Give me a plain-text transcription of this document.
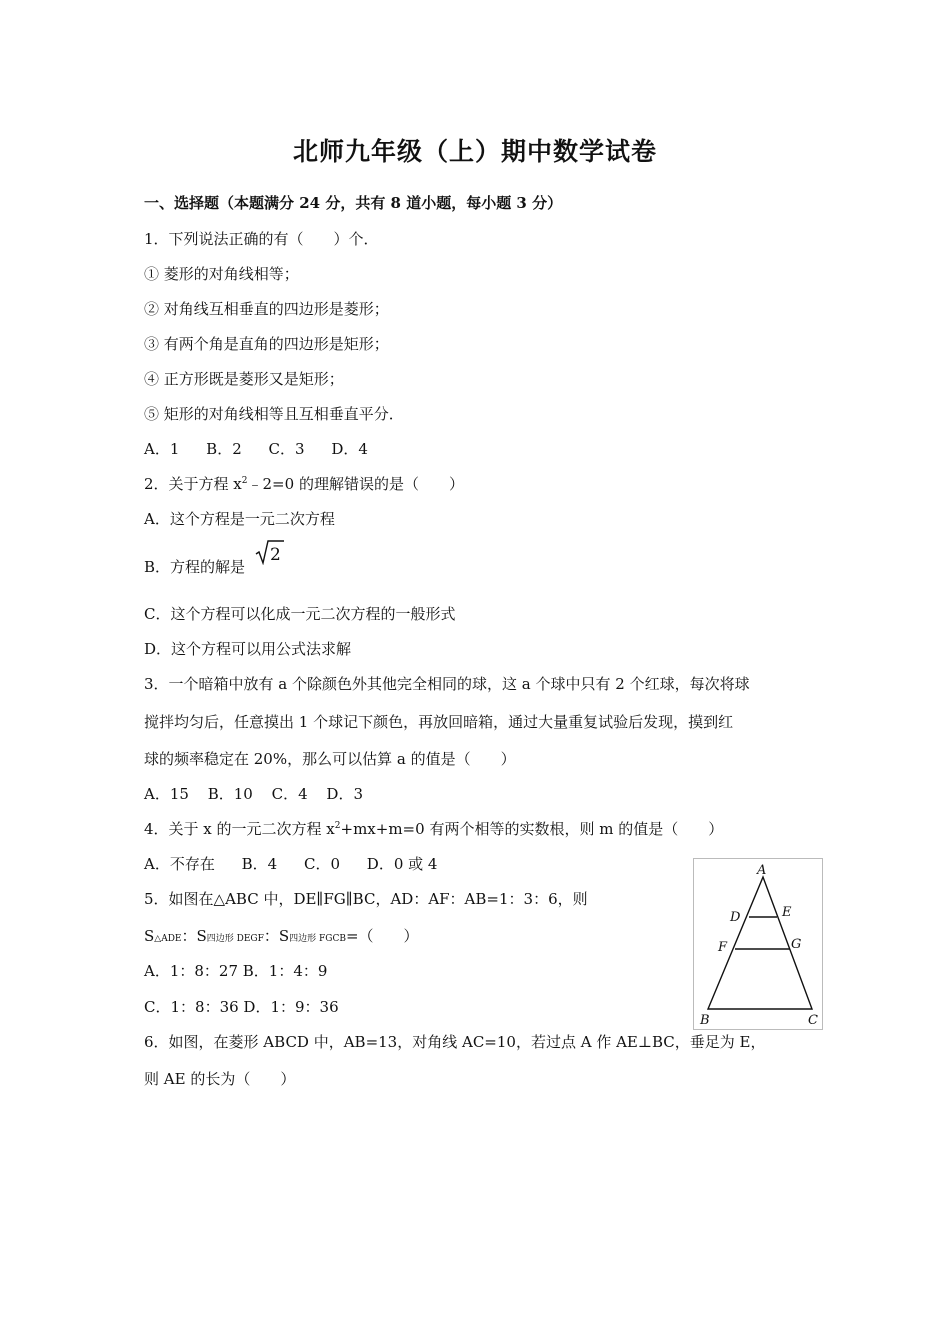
北师九年级（上）期中数学试卷
一、选择题（本题满分 24 分，共有 8 道小题，每小题 3 分）
1．下列说法正确的有（　　）个．
① 菱形的对角线相等；
② 对角线互相垂直的四边形是菱形；
③ 有两个角是直角的四边形是矩形；
④ 正方形既是菱形又是矩形；
⑤ 矩形的对角线相等且互相垂直平分．
A．1 B．2 C．3 D．4
2．关于方程 $x^2﹣2=0$ 的理解错误的是（　　）
A．这个方程是一元二次方程
B．方程的解是
2
C．这个方程可以化成一元二次方程的一般形式
D．这个方程可以用公式法求解
3．一个暗箱中放有 a 个除颜色外其他完全相同的球，这 a 个球中只有 2 个红球，每次将球
搅拌均匀后，任意摸出 1 个球记下颜色，再放回暗箱，通过大量重复试验后发现，摸到红
球的频率稳定在 20%，那么可以估算 a 的值是（　　）
A．15 B．10 C．4 D．3
4．关于 x 的一元二次方程 $x^2+mx+m=0$ 有两个相等的实数根，则 m 的值是（　　）
A．不存在 B．4 C．0 D．0 或 4
5．如图在△ABC 中，DE∥FG∥BC，AD：AF：AB=1：3：6，则
S△ADE：S四边形 DEGF：S四边形 FGCB=（　　）
A．1：8：27 B．1：4：9
C．1：8：36 D．1：9：36
A
D	E
F	G
B	C
6．如图，在菱形 ABCD 中，AB=13，对角线 AC=10，若过点 A 作 AE⊥BC，垂足为 E，
则 AE 的长为（　　）
